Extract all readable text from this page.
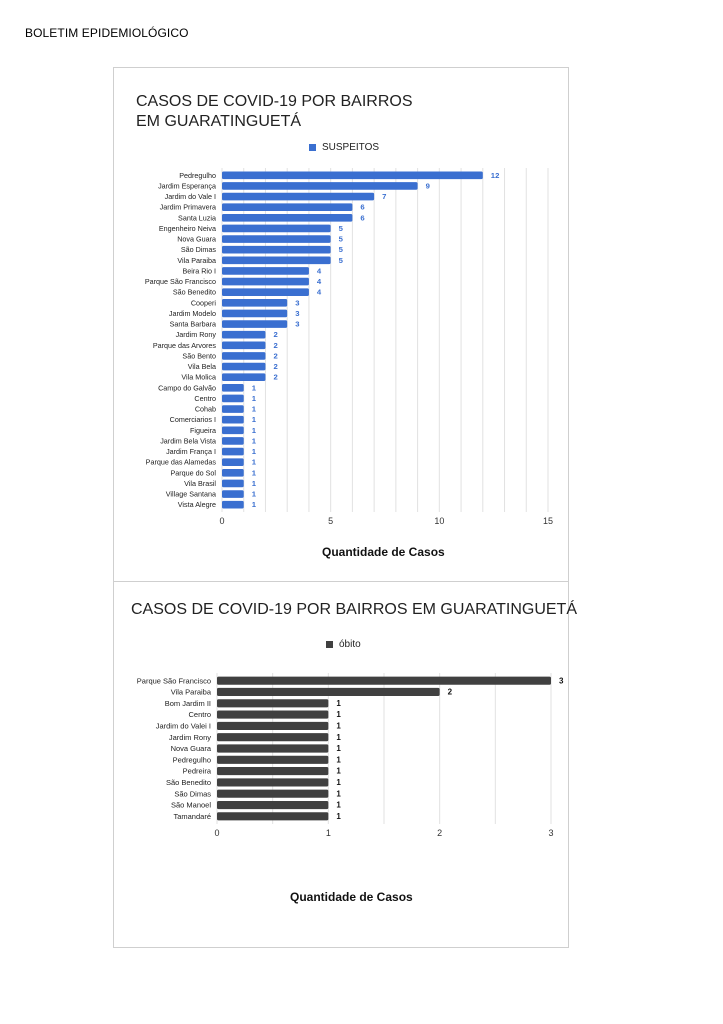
BOLETIM EPIDEMIOLÓGICO
CASOS DE COVID-19 POR BAIRROS EM GUARATINGUETÁ
SUSPEITOS
0	5	10	15
Pedregulho	12
Jardim Esperança	9
Jardim do Vale I	7
Jardim Primavera	6
Santa Luzia	6
Engenheiro Neiva	5
Nova Guara	5
São Dimas	5
Vila Paraiba	5
Beira Rio I	4
Parque São Francisco	4
São Benedito	4
Cooperi	3
Jardim Modelo	3
Santa Barbara	3
Jardim Rony	2
Parque das Arvores	2
São Bento	2
Vila Bela	2
Vila Molica	2
Campo do Galvão	1
Centro	1
Cohab	1
Comerciarios I	1
Figueira	1
Jardim Bela Vista	1
Jardim França I	1
Parque das Alamedas	1
Parque do Sol	1
Vila Brasil	1
Village Santana	1
Vista Alegre	1
Quantidade de Casos
CASOS DE COVID-19 POR BAIRROS EM GUARATINGUETÁ
óbito
0	1	2	3
Parque São Francisco	3
Vila Paraiba	2
Bom Jardim II	1
Centro	1
Jardim do Valei I	1
Jardim Rony	1
Nova Guara	1
Pedregulho	1
Pedreira	1
São Benedito	1
São Dimas	1
São Manoel	1
Tamandaré	1
Quantidade de Casos
